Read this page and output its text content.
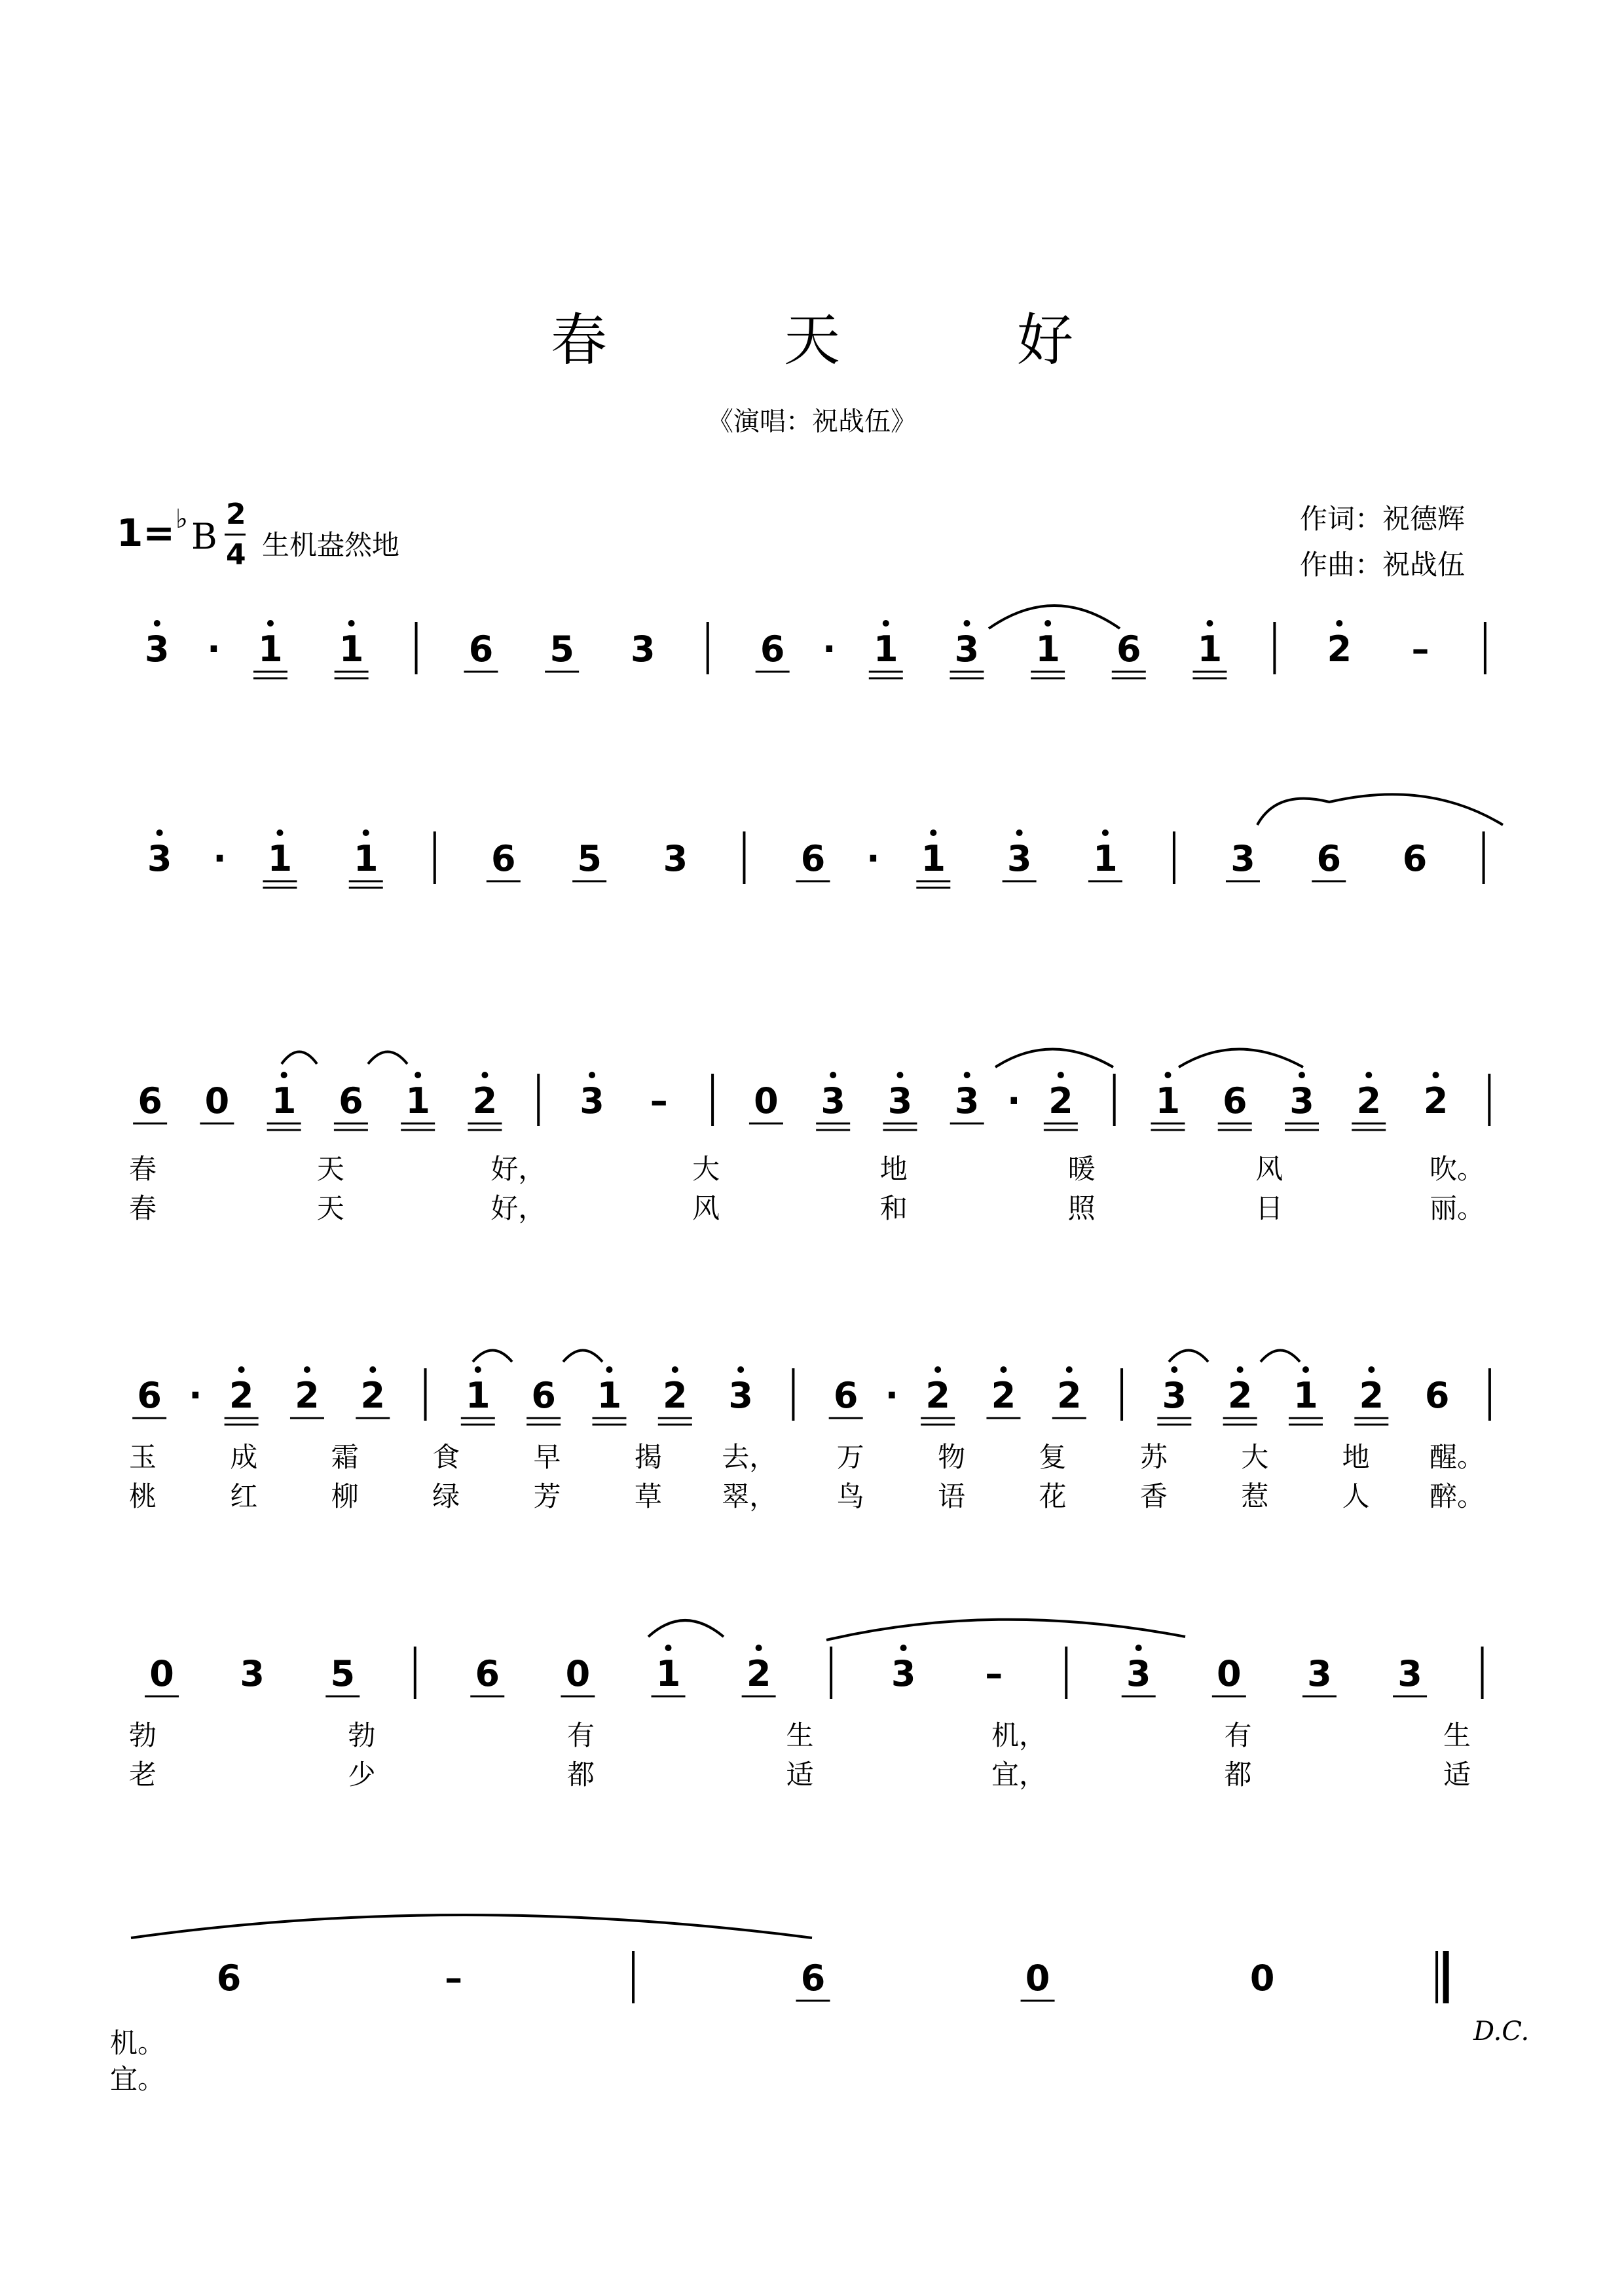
春　天　好
《演唱：祝战伍》
1= ♭ B
2
4 生机盎然地
作词：祝德辉
作曲：祝战伍
3 · 1 1	6 5 3	6 · 1 3 1 6 1	2 –
3 · 1 1	6 5 3	6 · 1 3 1	3 6 6
6 0 1 6 1 2 3 – 0 3 3 3 · 2 1 6 3 2 2
春	天	好，	大	地	暖	风	吹。
春	天	好，	风	和	照	日	丽。
6 · 2 2 2 1 6 1 2 3 6 · 2 2 2 3 2 1 2 6
玉	成	霜	食	早	揭 去， 万	物	复	苏	大	地 醒。
桃	红	柳	绿	芳	草 翠， 鸟	语	花	香	惹	人 醉。
0 3 5	6 0 1 2	3 –	3 0 3 3
勃	勃	有	生	机，	有	生
老	少	都	适	宜，	都	适
6	–	6	0	0
机。
宜。
D.C.
